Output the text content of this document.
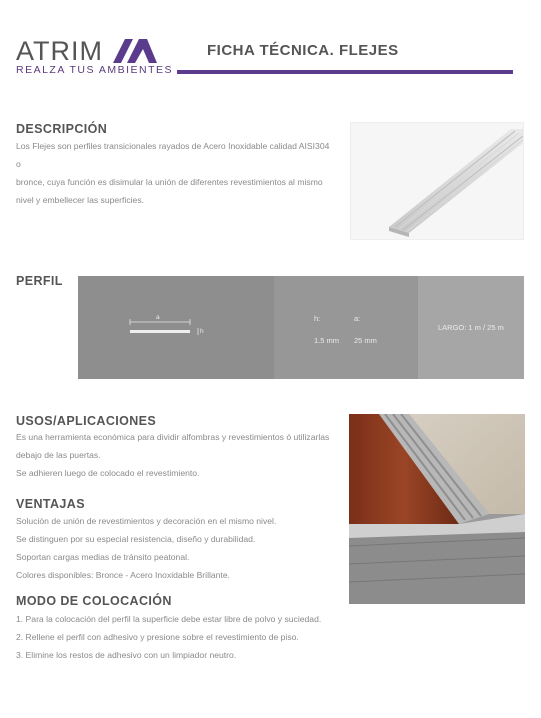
ATRIM
REALZA TUS AMBIENTES
FICHA TÉCNICA. FLEJES
DESCRIPCIÓN
Los Flejes son perfiles transicionales rayados de Acero Inoxidable calidad AISI304 o
bronce, cuya función es disimular la unión de diferentes revestimientos al mismo
nivel y embellecer las superficies.
PERFIL
a
h
h:	a:
1.5 mm 25 mm
LARGO: 1 m / 25 m
USOS/APLICACIONES
Es una herramienta económica para dividir alfombras y revestimientos ó utilizarlas
debajo de las puertas.
Se adhieren luego de colocado el revestimiento.
VENTAJAS
Solución de unión de revestimientos y decoración en el mismo nivel.
Se distinguen por su especial resistencia, diseño y durabilidad.
Soportan cargas medias de tránsito peatonal.
Colores disponibles: Bronce - Acero Inoxidable Brillante.
MODO DE COLOCACIÓN
1. Para la colocación del perfil la superficie debe estar libre de polvo y suciedad.
2. Rellene el perfil con adhesivo y presione sobre el revestimiento de piso.
3. Elimine los restos de adhesivo con un limpiador neutro.
